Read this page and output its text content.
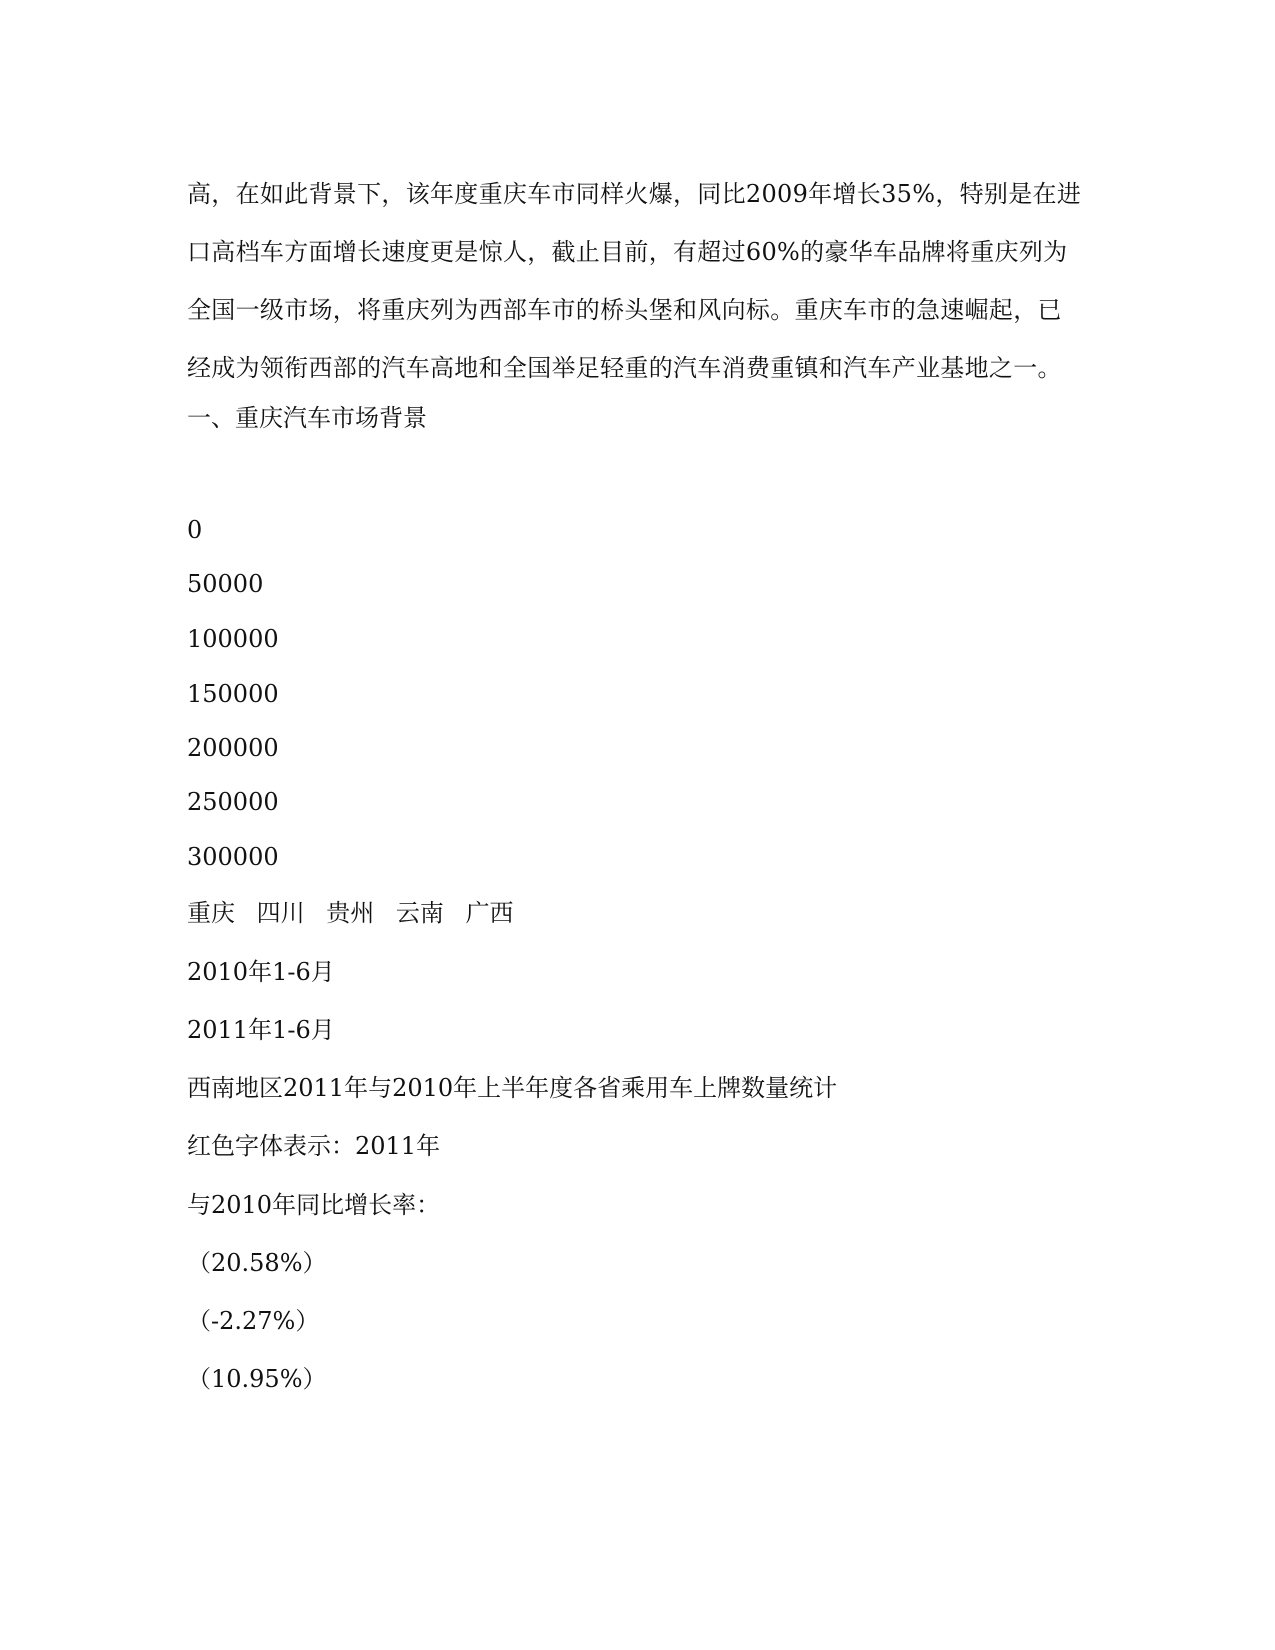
高，在如此背景下，该年度重庆车市同样火爆，同比2009年增长35%，特别是在进
口高档车方面增长速度更是惊人，截止目前，有超过60%的豪华车品牌将重庆列为
全国一级市场，将重庆列为西部车市的桥头堡和风向标。重庆车市的急速崛起，已
经成为领衔西部的汽车高地和全国举足轻重的汽车消费重镇和汽车产业基地之一。
一、重庆汽车市场背景
0
50000
100000
150000
200000
250000
300000
重庆 四川 贵州 云南 广西
2010年1-6月
2011年1-6月
西南地区2011年与2010年上半年度各省乘用车上牌数量统计
红色字体表示：2011年
与2010年同比增长率：
（20.58%）
（-2.27%）
（10.95%）
